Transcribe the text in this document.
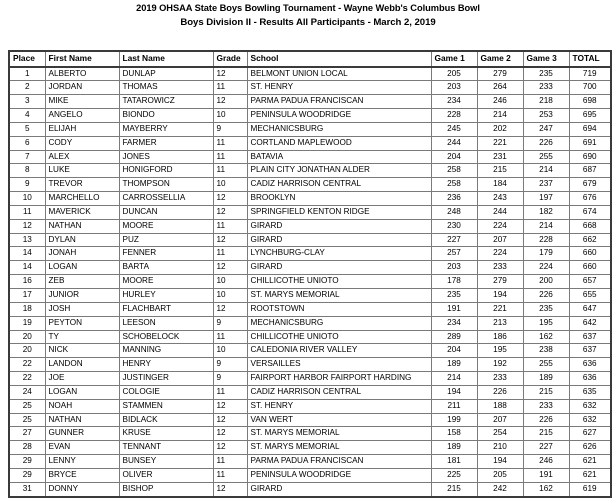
2019 OHSAA State Boys Bowling Tournament - Wayne Webb's Columbus Bowl
Boys Division II - Results All Participants - March 2, 2019
Place	First Name	Last Name	Grade	School	Game 1	Game 2	Game 3	TOTAL
1	ALBERTO	DUNLAP	12	BELMONT UNION LOCAL	205	279	235	719
2	JORDAN	THOMAS	11	ST. HENRY	203	264	233	700
3	MIKE	TATAROWICZ	12	PARMA PADUA FRANCISCAN	234	246	218	698
4	ANGELO	BIONDO	10	PENINSULA WOODRIDGE	228	214	253	695
5	ELIJAH	MAYBERRY	9	MECHANICSBURG	245	202	247	694
6	CODY	FARMER	11	CORTLAND MAPLEWOOD	244	221	226	691
7	ALEX	JONES	11	BATAVIA	204	231	255	690
8	LUKE	HONIGFORD	11	PLAIN CITY JONATHAN ALDER	258	215	214	687
9	TREVOR	THOMPSON	10	CADIZ HARRISON CENTRAL	258	184	237	679
10	MARCHELLO	CARROSSELLIA	12	BROOKLYN	236	243	197	676
11	MAVERICK	DUNCAN	12	SPRINGFIELD KENTON RIDGE	248	244	182	674
12	NATHAN	MOORE	11	GIRARD	230	224	214	668
13	DYLAN	PUZ	12	GIRARD	227	207	228	662
14	JONAH	FENNER	11	LYNCHBURG-CLAY	257	224	179	660
14	LOGAN	BARTA	12	GIRARD	203	233	224	660
16	ZEB	MOORE	10	CHILLICOTHE UNIOTO	178	279	200	657
17	JUNIOR	HURLEY	10	ST. MARYS MEMORIAL	235	194	226	655
18	JOSH	FLACHBART	12	ROOTSTOWN	191	221	235	647
19	PEYTON	LEESON	9	MECHANICSBURG	234	213	195	642
20	TY	SCHOBELOCK	11	CHILLICOTHE UNIOTO	289	186	162	637
20	NICK	MANNING	10	CALEDONIA RIVER VALLEY	204	195	238	637
22	LANDON	HENRY	9	VERSAILLES	189	192	255	636
22	JOE	JUSTINGER	9	FAIRPORT HARBOR FAIRPORT HARDING	214	233	189	636
24	LOGAN	COLOGIE	11	CADIZ HARRISON CENTRAL	194	226	215	635
25	NOAH	STAMMEN	12	ST. HENRY	211	188	233	632
25	NATHAN	BIDLACK	12	VAN WERT	199	207	226	632
27	GUNNER	KRUSE	12	ST. MARYS MEMORIAL	158	254	215	627
28	EVAN	TENNANT	12	ST. MARYS MEMORIAL	189	210	227	626
29	LENNY	BUNSEY	11	PARMA PADUA FRANCISCAN	181	194	246	621
29	BRYCE	OLIVER	11	PENINSULA WOODRIDGE	225	205	191	621
31	DONNY	BISHOP	12	GIRARD	215	242	162	619
